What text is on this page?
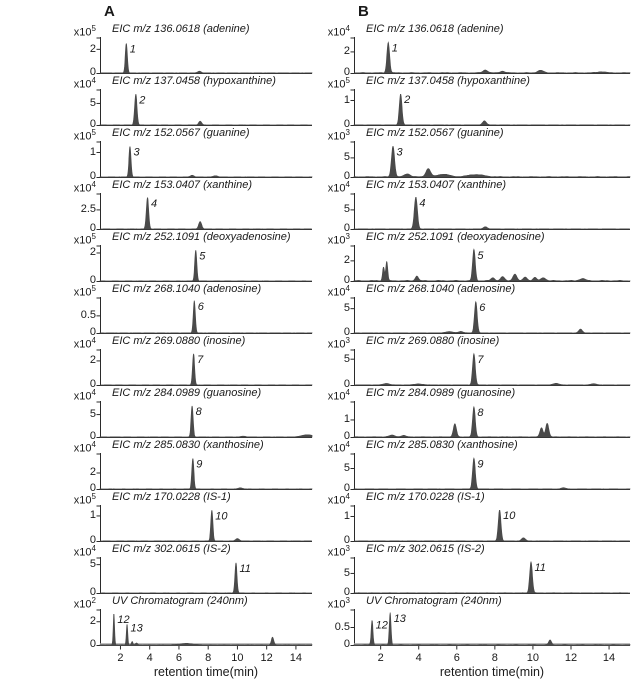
A
$x10^5$
2
0
EIC m/z 136.0618 (adenine)
1
$x10^4$
5
0
EIC m/z 137.0458 (hypoxanthine)
2
$x10^5$
1
0
EIC m/z 152.0567 (guanine)
3
$x10^4$
2.5
0
EIC m/z 153.0407 (xanthine)
4
$x10^5$
2
0
EIC m/z 252.1091 (deoxyadenosine)
5
$x10^5$
0.5
0
EIC m/z 268.1040 (adenosine)
6
$x10^4$
2
0
EIC m/z 269.0880 (inosine)
7
$x10^4$
5
0
EIC m/z 284.0989 (guanosine)
8
$x10^4$
2
0
EIC m/z 285.0830 (xanthosine)
9
$x10^5$
1
0
EIC m/z 170.0228 (IS-1)
10
$x10^4$
5
0
EIC m/z 302.0615 (IS-2)
11
$x10^2$
2
0
UV Chromatogram (240nm)
12
13
2 4 6 8 10 12 14
retention time(min)
B
$x10^4$
2
0
EIC m/z 136.0618 (adenine)
1
$x10^5$
1
0
EIC m/z 137.0458 (hypoxanthine)
2
$x10^3$
5
0
EIC m/z 152.0567 (guanine)
3
$x10^4$
5
0
EIC m/z 153.0407 (xanthine)
4
$x10^3$
2
0
EIC m/z 252.1091 (deoxyadenosine)
5
$x10^4$
5
0
EIC m/z 268.1040 (adenosine)
6
$x10^3$
5
0
EIC m/z 269.0880 (inosine)
7
$x10^4$
1
0
EIC m/z 284.0989 (guanosine)
8
$x10^4$
5
0
EIC m/z 285.0830 (xanthosine)
9
$x10^4$
1
0
EIC m/z 170.0228 (IS-1)
10
$x10^3$
5
0
EIC m/z 302.0615 (IS-2)
11
$x10^3$
0.5
0
UV Chromatogram (240nm)
12
13
2	4	6	8	10 12 14
retention time(min)
